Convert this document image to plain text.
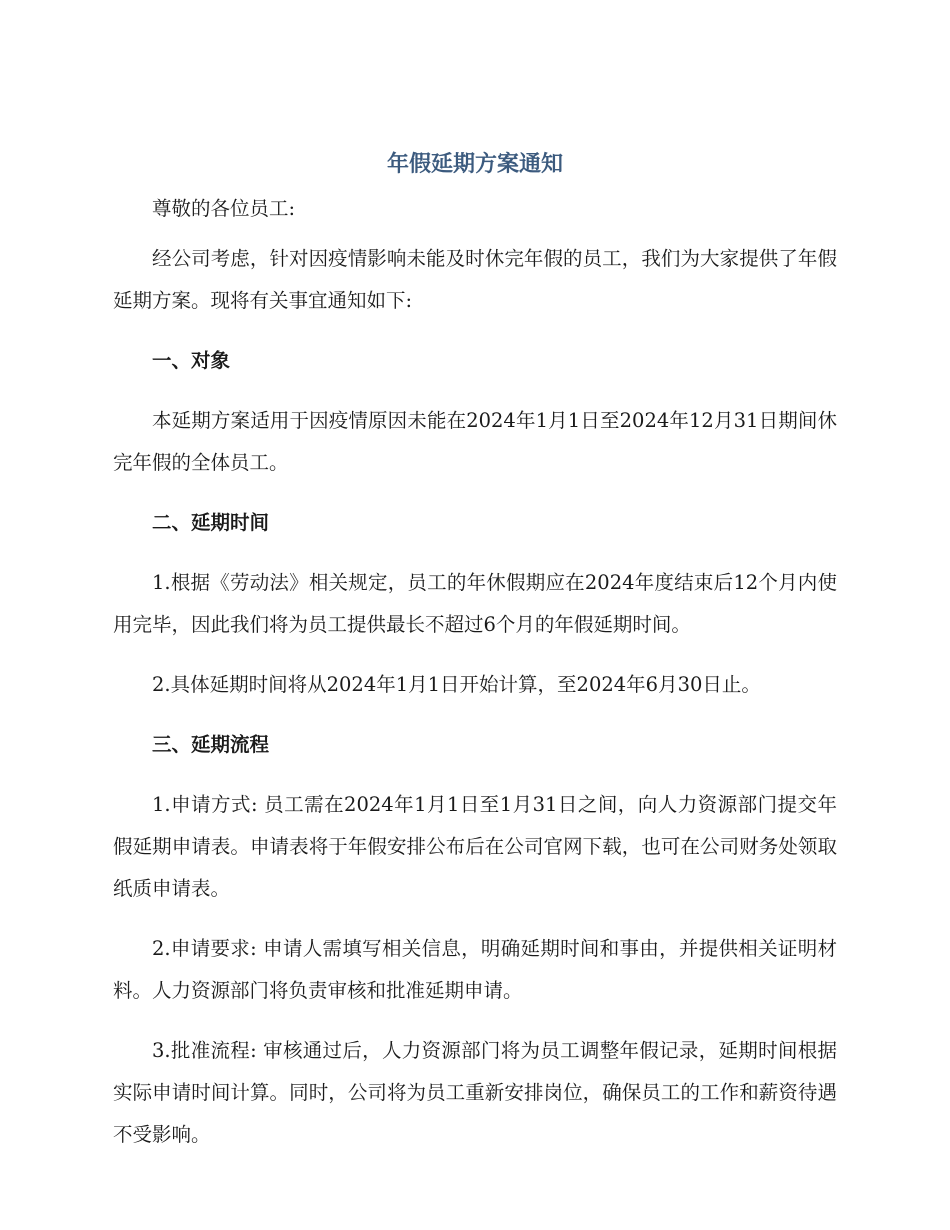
年假延期方案通知

尊敬的各位员工:

经公司考虑，针对因疫情影响未能及时休完年假的员工，我们为大家提供了年假延期方案。现将有关事宜通知如下:

一、对象

本延期方案适用于因疫情原因未能在2024年1月1日至2024年12月31日期间休完年假的全体员工。

二、延期时间

1.根据《劳动法》相关规定，员工的年休假期应在2024年度结束后12个月内使用完毕，因此我们将为员工提供最长不超过6个月的年假延期时间。

2.具体延期时间将从2024年1月1日开始计算，至2024年6月30日止。

三、延期流程

1.申请方式: 员工需在2024年1月1日至1月31日之间，向人力资源部门提交年假延期申请表。申请表将于年假安排公布后在公司官网下载，也可在公司财务处领取纸质申请表。

2.申请要求: 申请人需填写相关信息，明确延期时间和事由，并提供相关证明材料。人力资源部门将负责审核和批准延期申请。

3.批准流程: 审核通过后，人力资源部门将为员工调整年假记录，延期时间根据实际申请时间计算。同时，公司将为员工重新安排岗位，确保员工的工作和薪资待遇不受影响。
